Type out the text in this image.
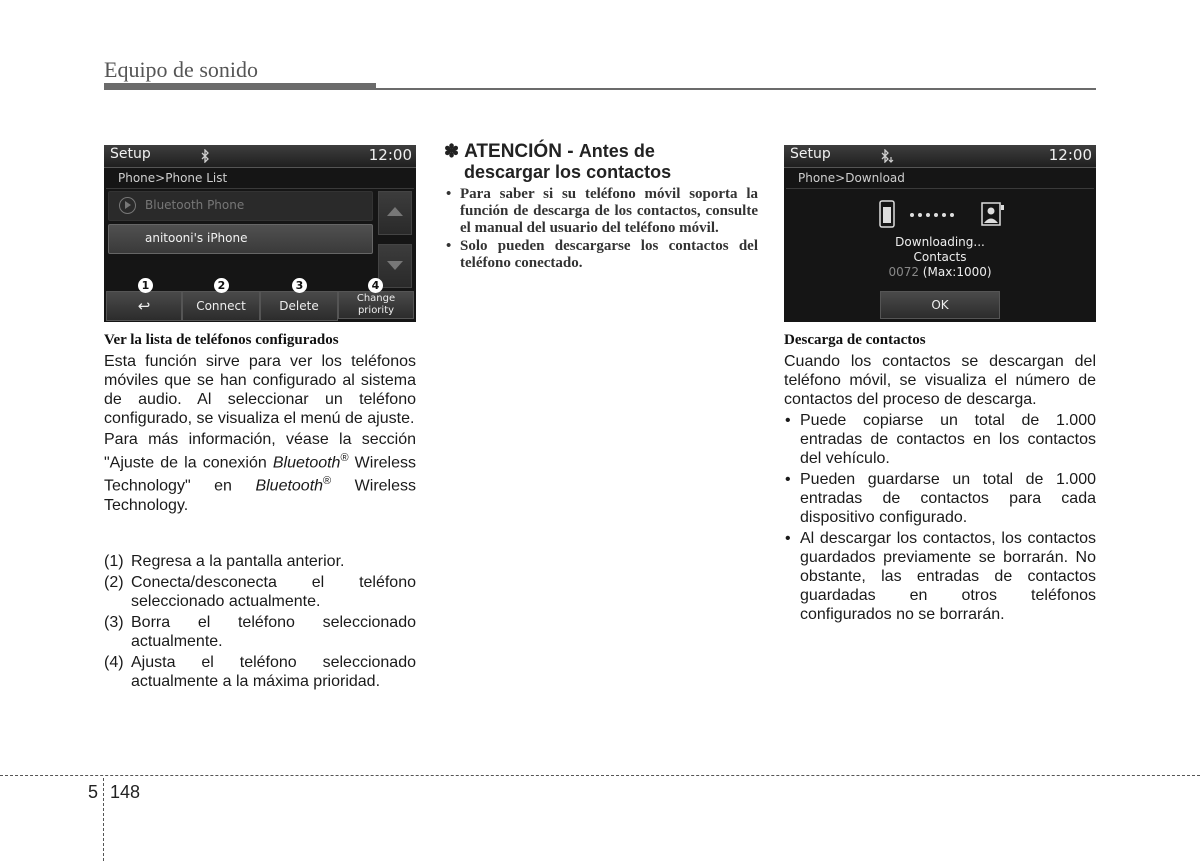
Equipo de sonido
Setup	12:00
Phone>Phone List
Bluetooth Phone
anitooni's iPhone
↩	Connect	Delete
Change
priority
1	2	3	4
Ver la lista de teléfonos configurados

Esta función sirve para ver los teléfonos móviles que se han configurado al sistema de audio. Al seleccionar un teléfono configurado, se visualiza el menú de ajuste.

Para más información, véase la sección "Ajuste de la conexión Bluetooth® Wireless Technology" en Bluetooth® Wireless Technology.

(1) Regresa a la pantalla anterior.
(2) Conecta/desconecta el teléfono seleccionado actualmente.
(3) Borra el teléfono seleccionado actualmente.
(4) Ajusta el teléfono seleccionado actualmente a la máxima prioridad.
✽ ATENCIÓN - Antes de
descargar los contactos
• Para saber si su teléfono móvil soporta la función de descarga de los contactos, consulte el manual del usuario del teléfono móvil.
• Solo pueden descargarse los contactos del teléfono conectado.
Setup	12:00
Phone>Download
Downloading...
Contacts
0072 (Max:1000)
OK
Descarga de contactos

Cuando los contactos se descargan del teléfono móvil, se visualiza el número de contactos del proceso de descarga.

• Puede copiarse un total de 1.000 entradas de contactos en los contactos del vehículo.
• Pueden guardarse un total de 1.000 entradas de contactos para cada dispositivo configurado.
• Al descargar los contactos, los contactos guardados previamente se borrarán. No obstante, las entradas de contactos guardadas en otros teléfonos configurados no se borrarán.
5 148
